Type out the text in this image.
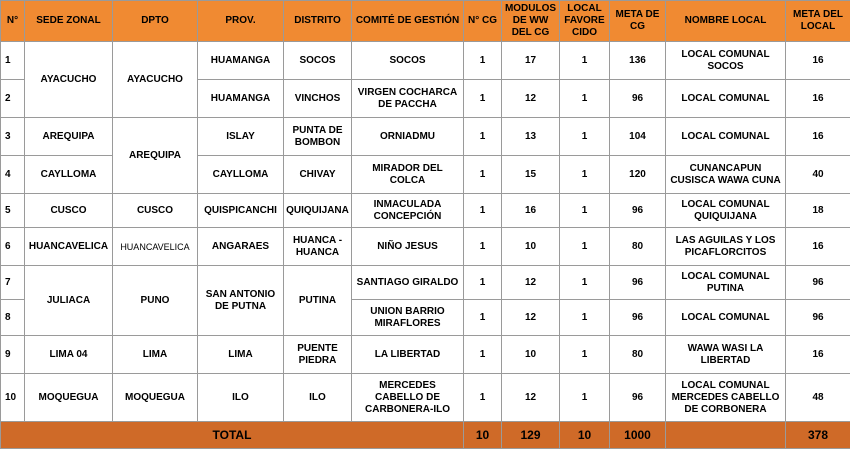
N°	SEDE ZONAL	DPTO	PROV.	DISTRITO	COMITÉ DE GESTIÓN	N° CG	MODULOS DE WW DEL CG	LOCAL FAVORE CIDO	META DE CG	NOMBRE LOCAL	META DEL LOCAL
1	AYACUCHO	AYACUCHO	HUAMANGA	SOCOS	SOCOS	1	17	1	136	LOCAL COMUNAL SOCOS	16
2			HUAMANGA	VINCHOS	VIRGEN COCHARCA DE PACCHA	1	12	1	96	LOCAL COMUNAL	16
3	AREQUIPA	AREQUIPA	ISLAY	PUNTA DE BOMBON	ORNIADMU	1	13	1	104	LOCAL COMUNAL	16
4	CAYLLOMA		CAYLLOMA	CHIVAY	MIRADOR DEL COLCA	1	15	1	120	CUNANCAPUN CUSISCA WAWA CUNA	40
5	CUSCO	CUSCO	QUISPICANCHI	QUIQUIJANA	INMACULADA CONCEPCIÓN	1	16	1	96	LOCAL COMUNAL QUIQUIJANA	18
6	HUANCAVELICA	HUANCAVELICA	ANGARAES	HUANCA - HUANCA	NIÑO JESUS	1	10	1	80	LAS AGUILAS Y LOS PICAFLORCITOS	16
7	JULIACA	PUNO	SAN ANTONIO DE PUTNA	PUTINA	SANTIAGO GIRALDO	1	12	1	96	LOCAL COMUNAL PUTINA	96
8					UNION BARRIO MIRAFLORES	1	12	1	96	LOCAL COMUNAL	96
9	LIMA 04	LIMA	LIMA	PUENTE PIEDRA	LA LIBERTAD	1	10	1	80	WAWA WASI LA LIBERTAD	16
10	MOQUEGUA	MOQUEGUA	ILO	ILO	MERCEDES CABELLO DE CARBONERA-ILO	1	12	1	96	LOCAL COMUNAL MERCEDES CABELLO DE CORBONERA	48
TOTAL						10	129	10	1000		378
